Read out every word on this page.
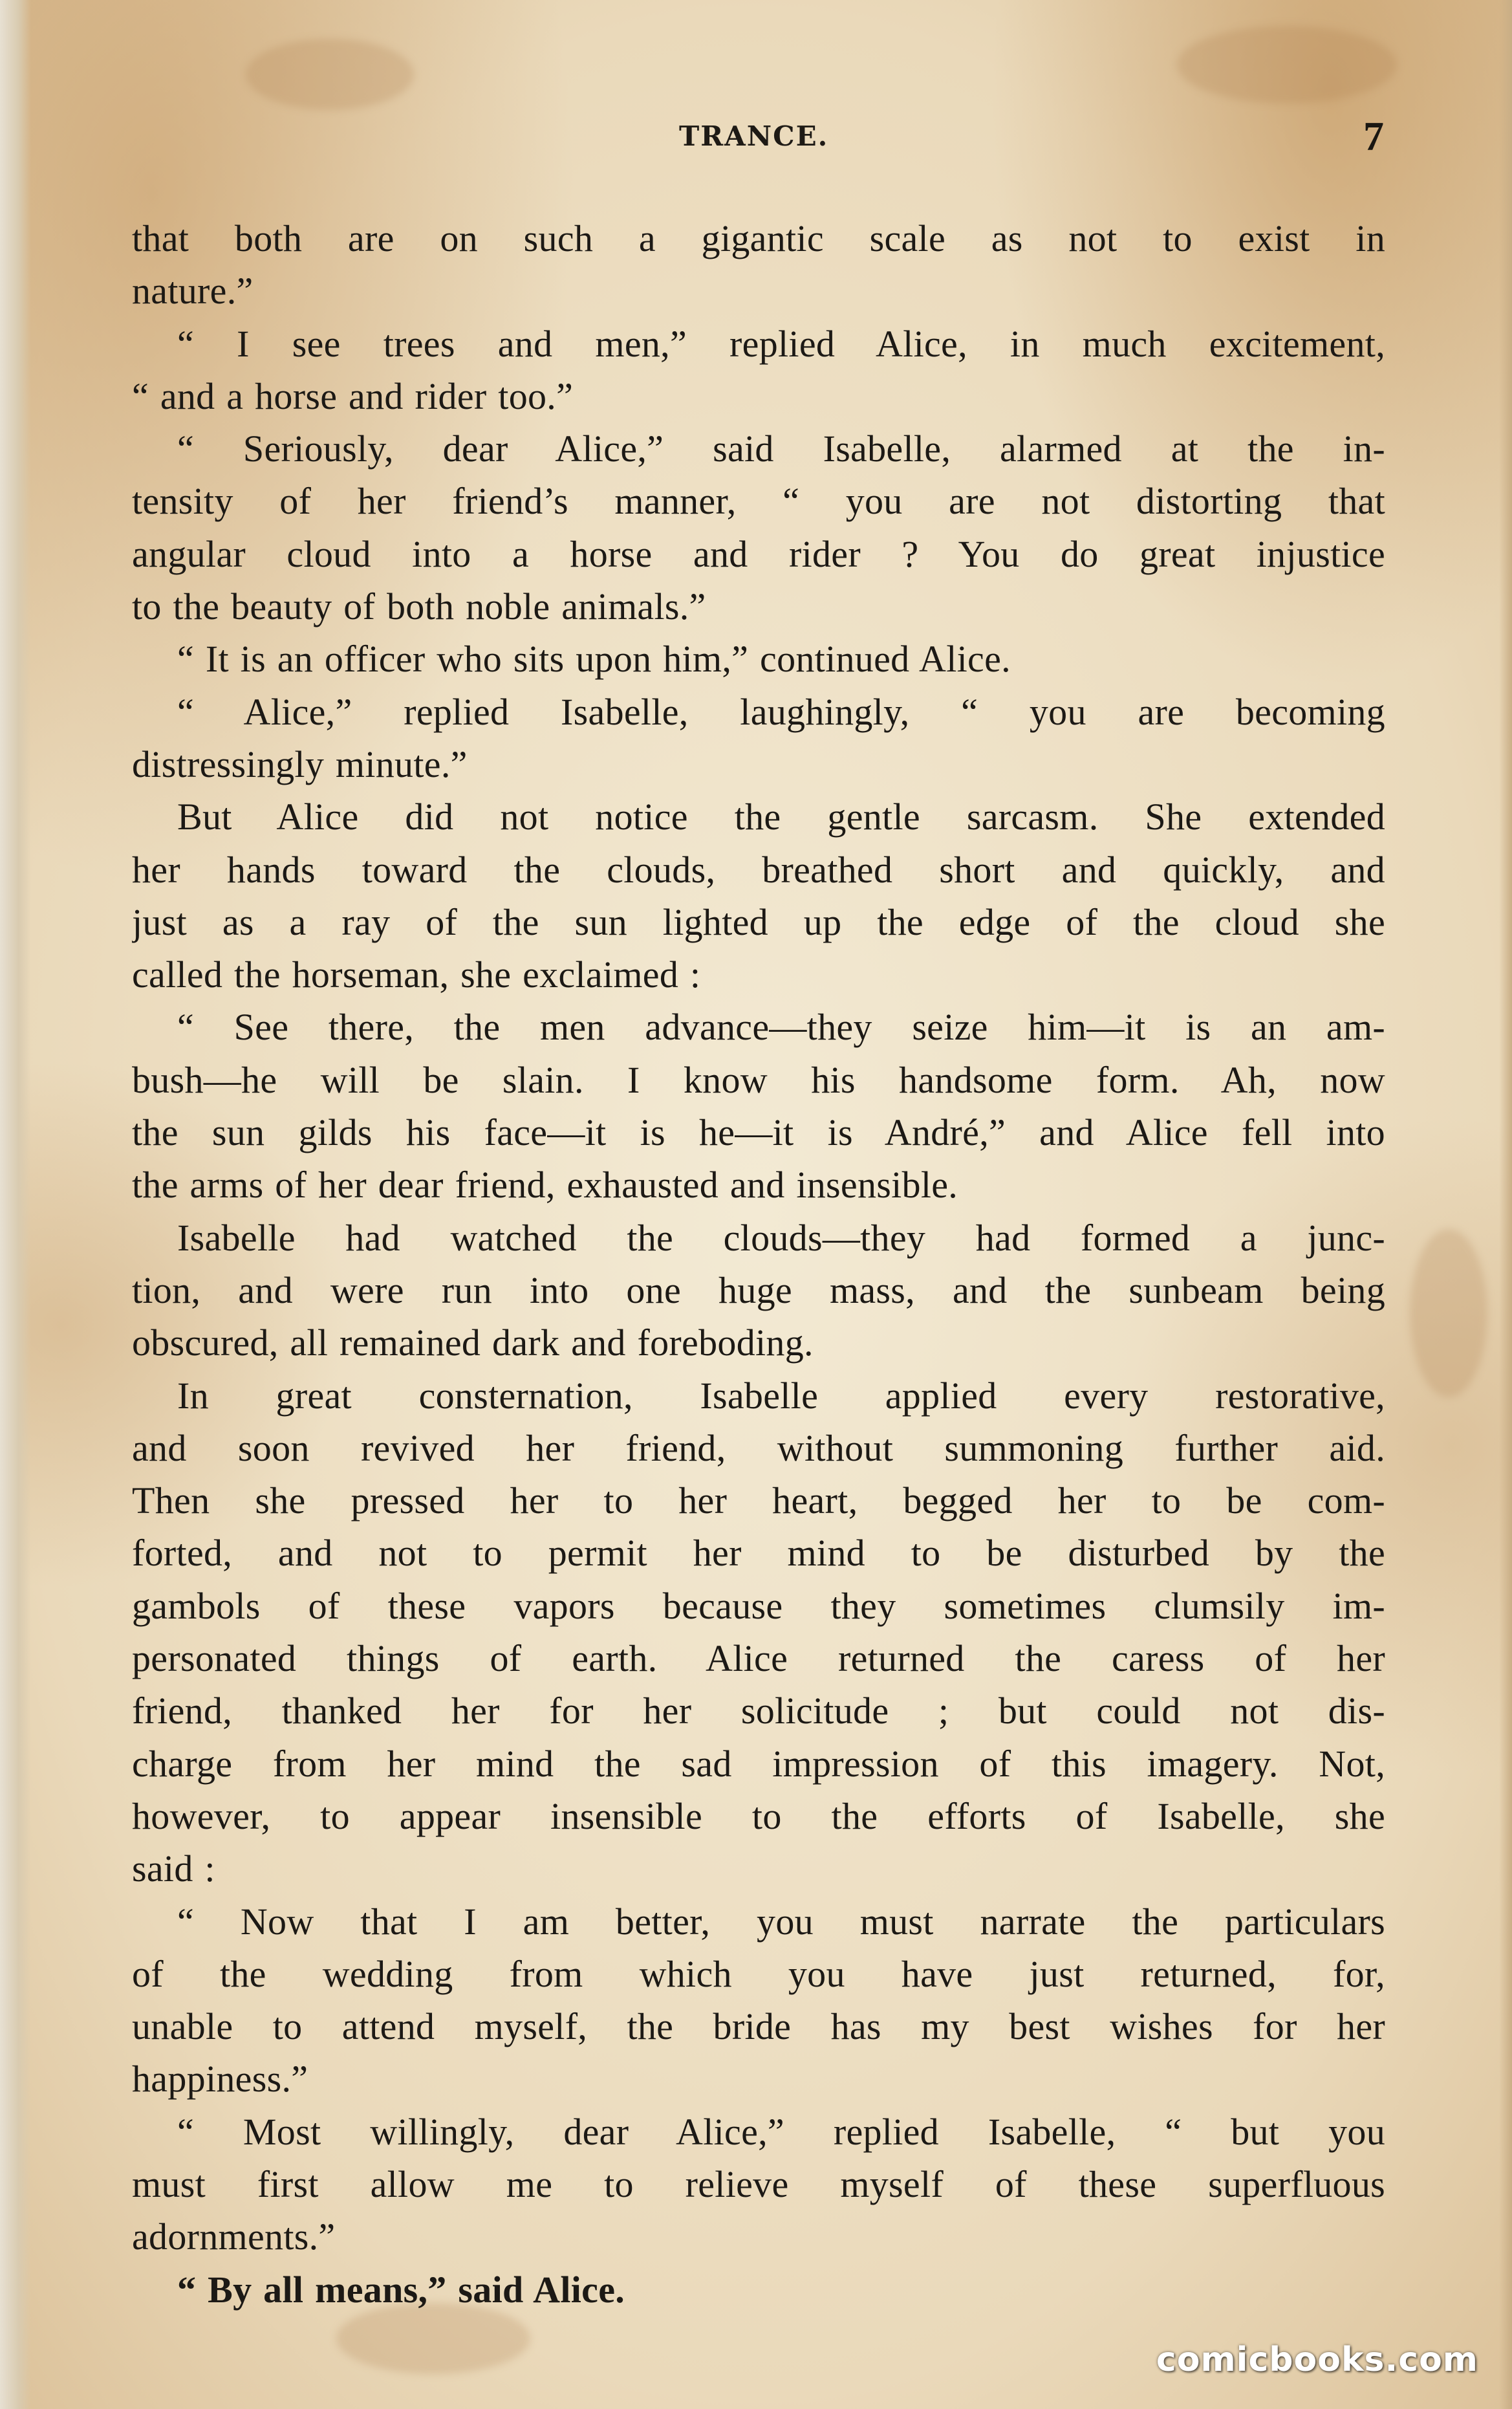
TRANCE.	7
that both are on such a gigantic scale as not to exist in
nature.”
“ I see trees and men,” replied Alice, in much excitement,
“ and a horse and rider too.”
“ Seriously, dear Alice,” said Isabelle, alarmed at the in-
tensity of her friend’s manner, “ you are not distorting that
angular cloud into a horse and rider ? You do great injustice
to the beauty of both noble animals.”
“ It is an officer who sits upon him,” continued Alice.
“ Alice,” replied Isabelle, laughingly, “ you are becoming
distressingly minute.”
But Alice did not notice the gentle sarcasm. She extended
her hands toward the clouds, breathed short and quickly, and
just as a ray of the sun lighted up the edge of the cloud she
called the horseman, she exclaimed :
“ See there, the men advance—they seize him—it is an am-
bush—he will be slain. I know his handsome form. Ah, now
the sun gilds his face—it is he—it is André,” and Alice fell into
the arms of her dear friend, exhausted and insensible.
Isabelle had watched the clouds—they had formed a junc-
tion, and were run into one huge mass, and the sunbeam being
obscured, all remained dark and foreboding.
In great consternation, Isabelle applied every restorative,
and soon revived her friend, without summoning further aid.
Then she pressed her to her heart, begged her to be com-
forted, and not to permit her mind to be disturbed by the
gambols of these vapors because they sometimes clumsily im-
personated things of earth. Alice returned the caress of her
friend, thanked her for her solicitude ; but could not dis-
charge from her mind the sad impression of this imagery. Not,
however, to appear insensible to the efforts of Isabelle, she
said :
“ Now that I am better, you must narrate the particulars
of the wedding from which you have just returned, for,
unable to attend myself, the bride has my best wishes for her
happiness.”
“ Most willingly, dear Alice,” replied Isabelle, “ but you
must first allow me to relieve myself of these superfluous
adornments.”
“ By all means,” said Alice.
comicbooks.com
